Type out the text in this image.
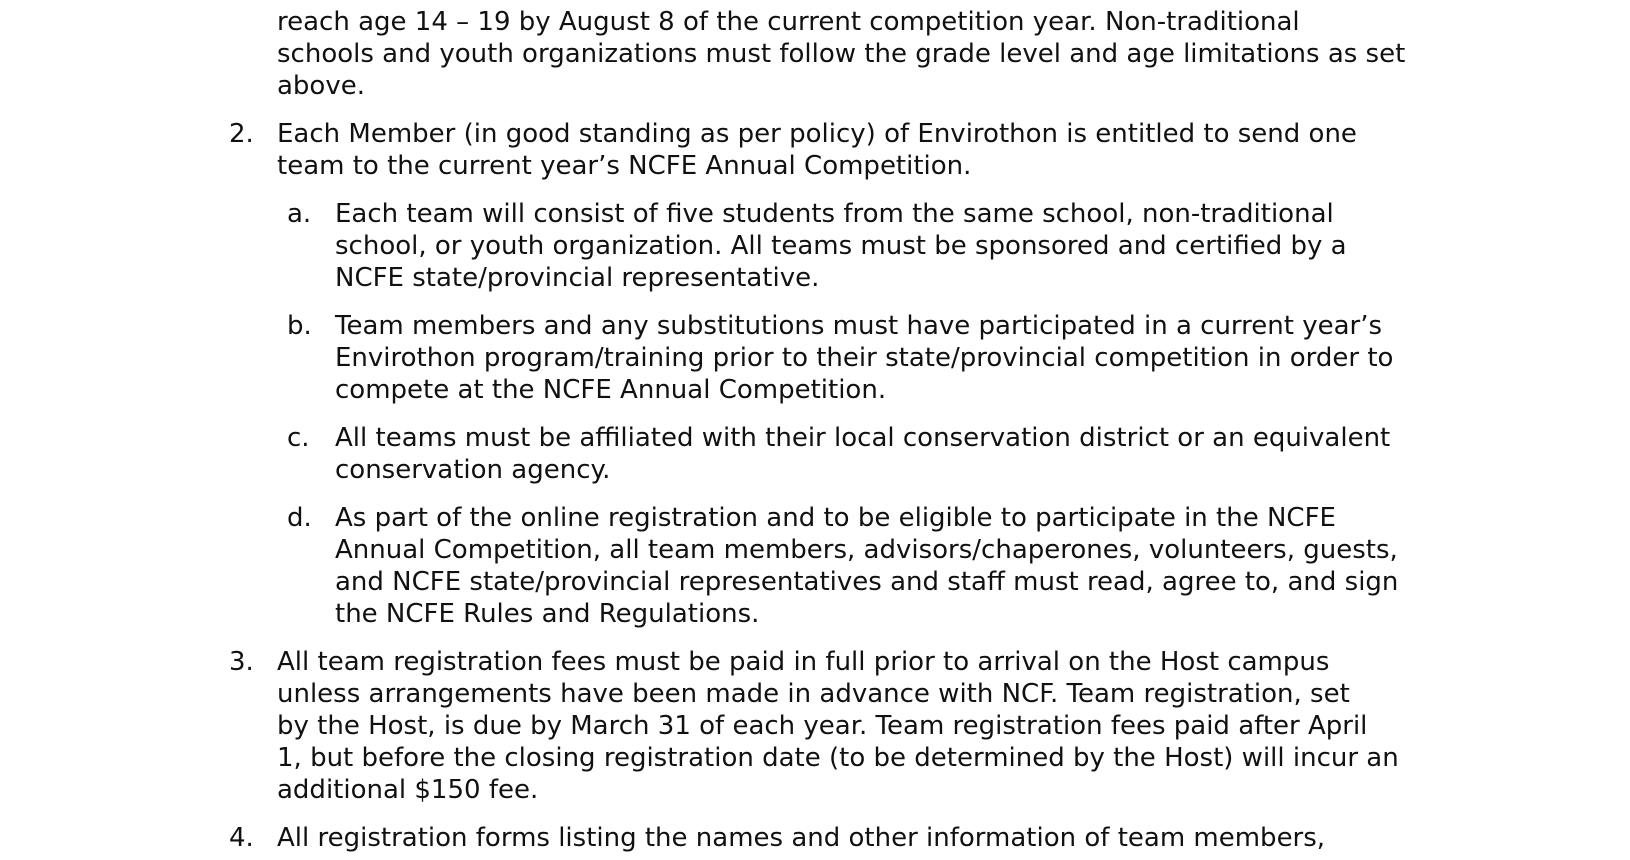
reach age 14 – 19 by August 8 of the current competition year. Non-traditional
schools and youth organizations must follow the grade level and age limitations as set
above.
2. Each Member (in good standing as per policy) of Envirothon is entitled to send one
team to the current year’s NCFE Annual Competition.
a. Each team will consist of five students from the same school, non-traditional
school, or youth organization. All teams must be sponsored and certified by a
NCFE state/provincial representative.
b. Team members and any substitutions must have participated in a current year’s
Envirothon program/training prior to their state/provincial competition in order to
compete at the NCFE Annual Competition.
c. All teams must be affiliated with their local conservation district or an equivalent
conservation agency.
d. As part of the online registration and to be eligible to participate in the NCFE
Annual Competition, all team members, advisors/chaperones, volunteers, guests,
and NCFE state/provincial representatives and staff must read, agree to, and sign
the NCFE Rules and Regulations.
3. All team registration fees must be paid in full prior to arrival on the Host campus
unless arrangements have been made in advance with NCF. Team registration, set
by the Host, is due by March 31 of each year. Team registration fees paid after April
1, but before the closing registration date (to be determined by the Host) will incur an
additional $150 fee.
4. All registration forms listing the names and other information of team members,
